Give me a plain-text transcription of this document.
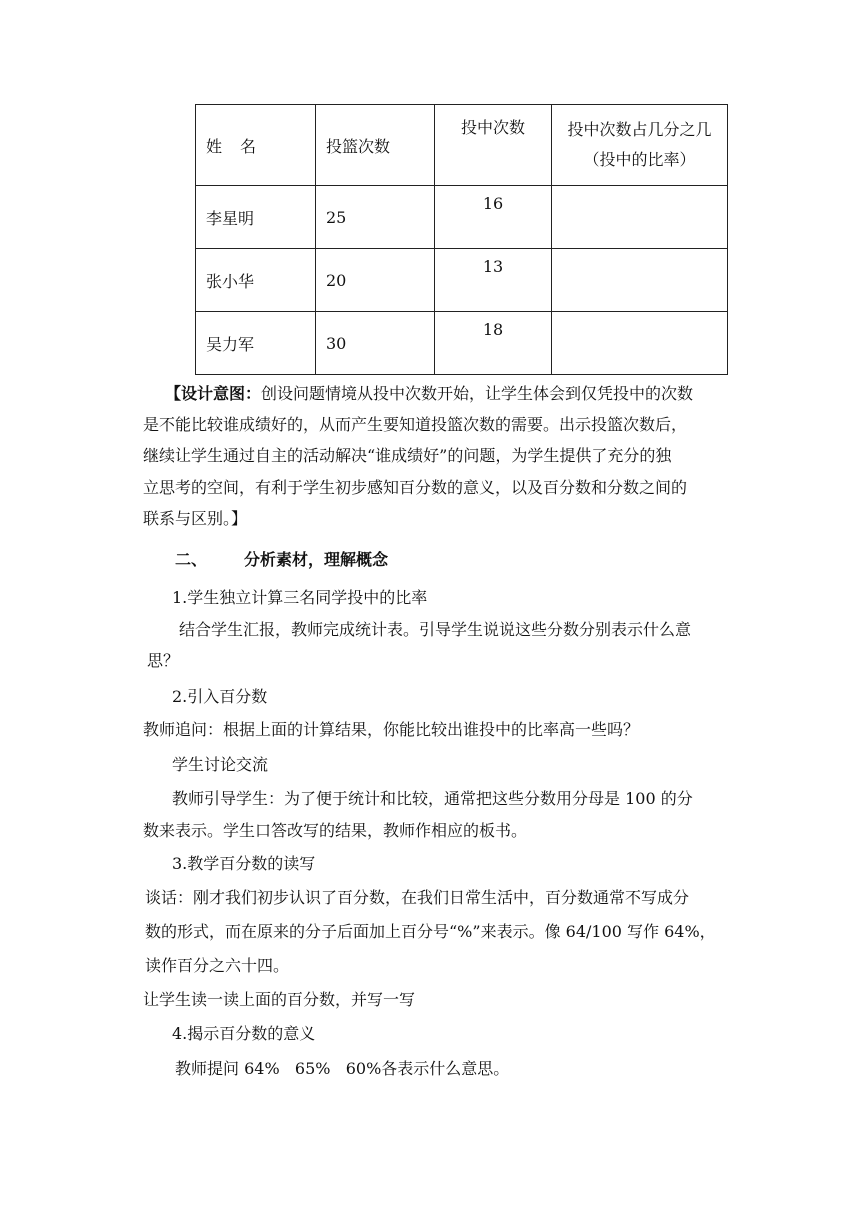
姓 名	投篮次数	投中次数	投中次数占几分之几
（投中的比率）

李星明	25	16	
张小华	20	13	
吴力军	30	18	
【设计意图：创设问题情境从投中次数开始，让学生体会到仅凭投中的次数
是不能比较谁成绩好的，从而产生要知道投篮次数的需要。出示投篮次数后，
继续让学生通过自主的活动解决“谁成绩好”的问题，为学生提供了充分的独
立思考的空间，有利于学生初步感知百分数的意义，以及百分数和分数之间的
联系与区别。】
二、 分析素材，理解概念
1.学生独立计算三名同学投中的比率
结合学生汇报，教师完成统计表。引导学生说说这些分数分别表示什么意
思？
2.引入百分数
教师追问：根据上面的计算结果，你能比较出谁投中的比率高一些吗？
学生讨论交流
教师引导学生：为了便于统计和比较，通常把这些分数用分母是 100 的分
数来表示。学生口答改写的结果，教师作相应的板书。
3.教学百分数的读写
谈话：刚才我们初步认识了百分数，在我们日常生活中，百分数通常不写成分
数的形式，而在原来的分子后面加上百分号“%”来表示。像 64/100 写作 64%，
读作百分之六十四。
让学生读一读上面的百分数，并写一写
4.揭示百分数的意义
教师提问 64%   65%   60%各表示什么意思。
